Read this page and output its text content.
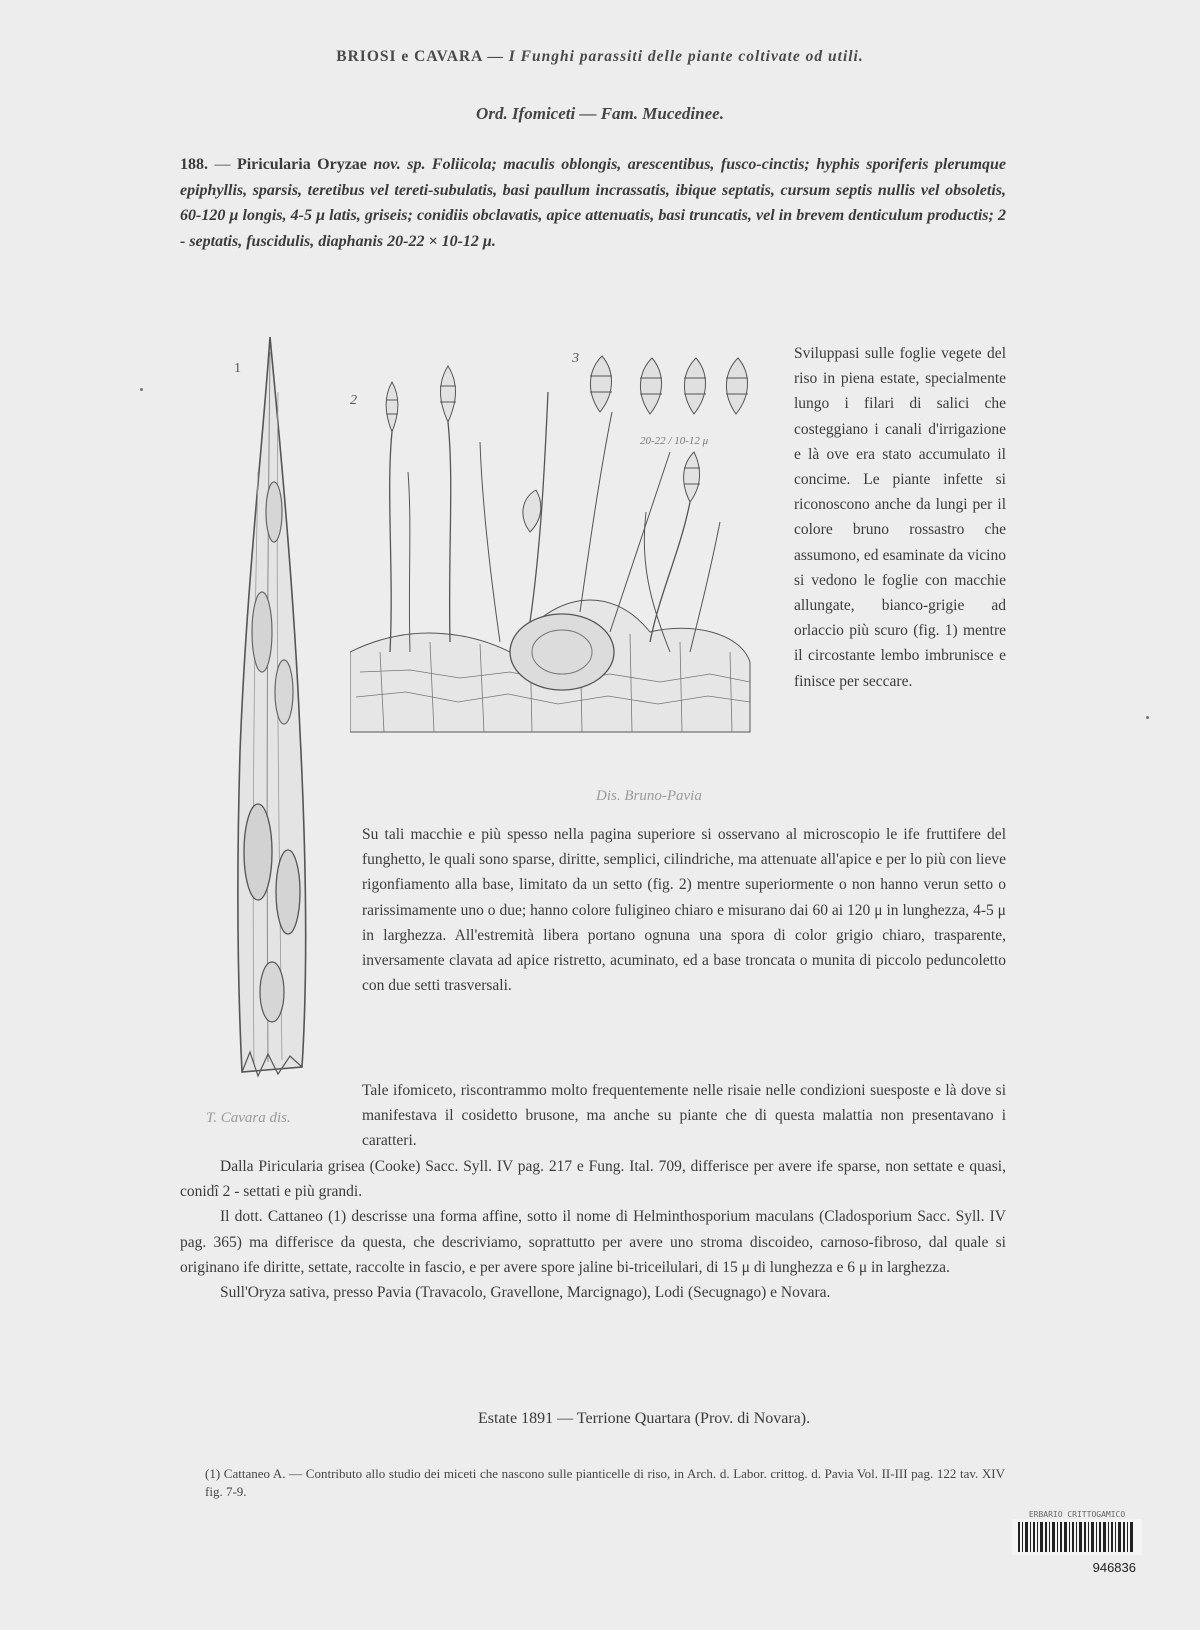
BRIOSI e CAVARA — I Funghi parassiti delle piante coltivate od utili.
Ord. Ifomiceti — Fam. Mucedinee.
188. — Piricularia Oryzae nov. sp. Foliicola; maculis oblongis, arescentibus, fusco-cinctis; hyphis sporiferis plerumque epiphyllis, sparsis, teretibus vel tereti-subulatis, basi paullum incrassatis, ibique septatis, cursum septis nullis vel obsoletis, 60-120 μ longis, 4-5 μ latis, griseis; conidiis obclavatis, apice attenuatis, basi truncatis, vel in brevem denticulum productis; 2 - septatis, fuscidulis, diaphanis 20-22 × 10-12 μ.
1
2
3
20-22 / 10-12 μ
Dis. Bruno-Pavia
T. Cavara dis.
Sviluppasi sulle foglie vegete del riso in piena estate, specialmente lungo i filari di salici che costeggiano i canali d'irrigazione e là ove era stato accumulato il concime. Le piante infette si riconoscono anche da lungi per il colore bruno rossastro che assumono, ed esaminate da vicino si vedono le foglie con macchie allungate, bianco-grigie ad orlaccio più scuro (fig. 1) mentre il circostante lembo imbrunisce e finisce per seccare.
Su tali macchie e più spesso nella pagina superiore si osservano al microscopio le ife fruttifere del funghetto, le quali sono sparse, diritte, semplici, cilindriche, ma attenuate all'apice e per lo più con lieve rigonfiamento alla base, limitato da un setto (fig. 2) mentre superiormente o non hanno verun setto o rarissimamente uno o due; hanno colore fuligineo chiaro e misurano dai 60 ai 120 μ in lunghezza, 4-5 μ in larghezza. All'estremità libera portano ognuna una spora di color grigio chiaro, trasparente, inversamente clavata ad apice ristretto, acuminato, ed a base troncata o munita di piccolo peduncoletto con due setti trasversali.
Tale ifomiceto, riscontrammo molto frequentemente nelle risaie nelle condizioni suesposte e là dove si manifestava il cosidetto brusone, ma anche su piante che di questa malattia non presentavano i caratteri.

Dalla Piricularia grisea (Cooke) Sacc. Syll. IV pag. 217 e Fung. Ital. 709, differisce per avere ife sparse, non settate e quasi, conidî 2 - settati e più grandi.

Il dott. Cattaneo (1) descrisse una forma affine, sotto il nome di Helminthosporium maculans (Cladosporium Sacc. Syll. IV pag. 365) ma differisce da questa, che descriviamo, soprattutto per avere uno stroma discoideo, carnoso-fibroso, dal quale si originano ife diritte, settate, raccolte in fascio, e per avere spore jaline bi-triceilulari, di 15 μ di lunghezza e 6 μ in larghezza.

Sull'Oryza sativa, presso Pavia (Travacolo, Gravellone, Marcignago), Lodi (Secugnago) e Novara.

Estate 1891 — Terrione Quartara (Prov. di Novara).
(1) Cattaneo A. — Contributo allo studio dei miceti che nascono sulle pianticelle di riso, in Arch. d. Labor. crittog. d. Pavia Vol. II-III pag. 122 tav. XIV fig. 7-9.
ERBARIO CRITTOGAMICO
946836
